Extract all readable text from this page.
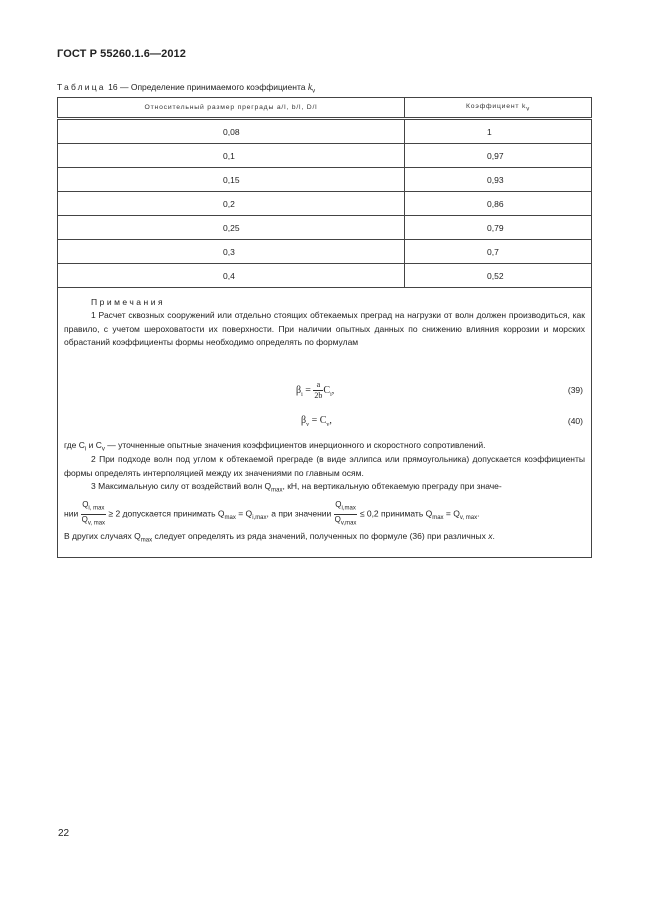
ГОСТ Р 55260.1.6—2012
Таблица 16 — Определение принимаемого коэффициента $k_v$
Относительный размер преграды a/l, b/l, D/l	Коэффициент $k_v$
0,08	1
0,1	0,97
0,15	0,93
0,2	0,86
0,25	0,79
0,3	0,7
0,4	0,52
Примечания
1 Расчет сквозных сооружений или отдельно стоящих обтекаемых преград на нагрузки от волн должен производиться, как правило, с учетом шероховатости их поверхности. При наличии опытных данных по снижению влияния коррозии и морских обрастаний коэффициенты формы необходимо определять по формулам
$\beta_i = \frac{a}{2b} C_i$,	(39)
$\beta_v = C_v$,	(40)
где $C_i$ и $C_v$ — уточненные опытные значения коэффициентов инерционного и скоростного сопротивлений.
2 При подходе волн под углом к обтекаемой преграде (в виде эллипса или прямоугольника) допускается коэффициенты формы определять интерполяцией между их значениями по главным осям.
3 Максимальную силу от воздействий волн $Q_{max}$, кН, на вертикальную обтекаемую преграду при значе-
нии $\frac{Q_{i, max}}{Q_{v, max}} \ge 2$ допускается принимать $Q_{max} = Q_{i,max}$, а при значении $\frac{Q_{i,max}}{Q_{v,max}} \le 0,2$ принимать $Q_{max} = Q_{v, max}$.
В других случаях $Q_{max}$ следует определять из ряда значений, полученных по формуле (36) при различных x.
22
